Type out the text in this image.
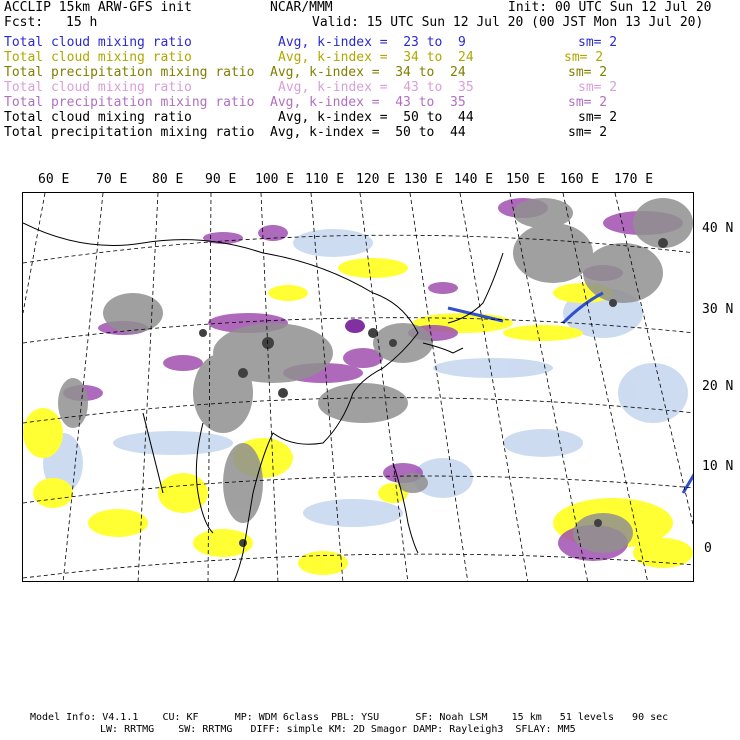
ACCLIP 15km ARW-GFS init	NCAR/MMM	Init: 00 UTC Sun 12 Jul 20
Fcst: 15 h	Valid: 15 UTC Sun 12 Jul 20 (00 JST Mon 13 Jul 20)
Total cloud mixing ratio	Avg, k-index =  23 to  9	sm= 2
Total cloud mixing ratio	Avg, k-index =  34 to  24	sm= 2
Total precipitation mixing ratio Avg, k-index =  34 to  24	sm= 2
Total cloud mixing ratio	Avg, k-index =  43 to  35	sm= 2
Total precipitation mixing ratio Avg, k-index =  43 to  35	sm= 2
Total cloud mixing ratio	Avg, k-index =  50 to  44	sm= 2
Total precipitation mixing ratio Avg, k-index =  50 to  44	sm= 2
60 E 70 E 80 E 90 E 100 E 110 E 120 E 130 E 140 E 150 E 160 E 170 E
40 N
30 N
20 N
10 N
0
Model Info: V4.1.1    CU: KF      MP: WDM 6class  PBL: YSU      SF: Noah LSM    15 km   51 levels   90 sec
LW: RRTMG    SW: RRTMG   DIFF: simple KM: 2D Smagor DAMP: Rayleigh3  SFLAY: MM5
